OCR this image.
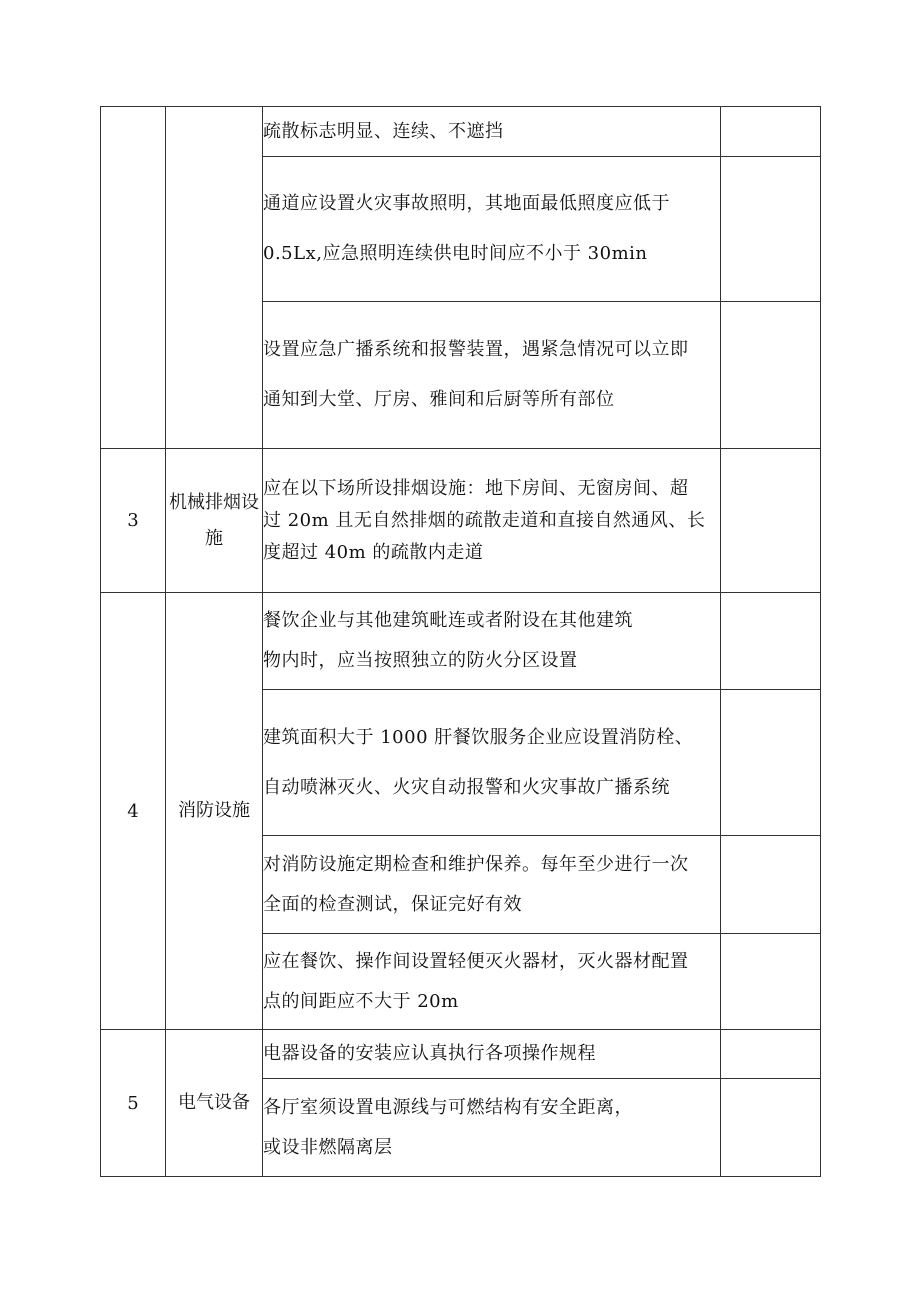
		疏散标志明显、连续、不遮挡	

		通道应设置火灾事故照明，其地面最低照度应低于
0.5Lx,应急照明连续供电时间应不小于 30min	

		设置应急广播系统和报警装置，遇紧急情况可以立即
通知到大堂、厅房、雅间和后厨等所有部位	

3	机械排烟设施	应在以下场所设排烟设施：地下房间、无窗房间、超
过 20m 且无自然排烟的疏散走道和直接自然通风、长
度超过 40m 的疏散内走道	

4	消防设施	餐饮企业与其他建筑毗连或者附设在其他建筑
物内时，应当按照独立的防火分区设置	

		建筑面积大于 1000 肝餐饮服务企业应设置消防栓、
自动喷淋灭火、火灾自动报警和火灾事故广播系统	

		对消防设施定期检查和维护保养。每年至少进行一次
全面的检查测试，保证完好有效	

		应在餐饮、操作间设置轻便灭火器材，灭火器材配置
点的间距应不大于 20m	

5	电气设备	电器设备的安装应认真执行各项操作规程	

		各厅室须设置电源线与可燃结构有安全距离，
或设非燃隔离层	
